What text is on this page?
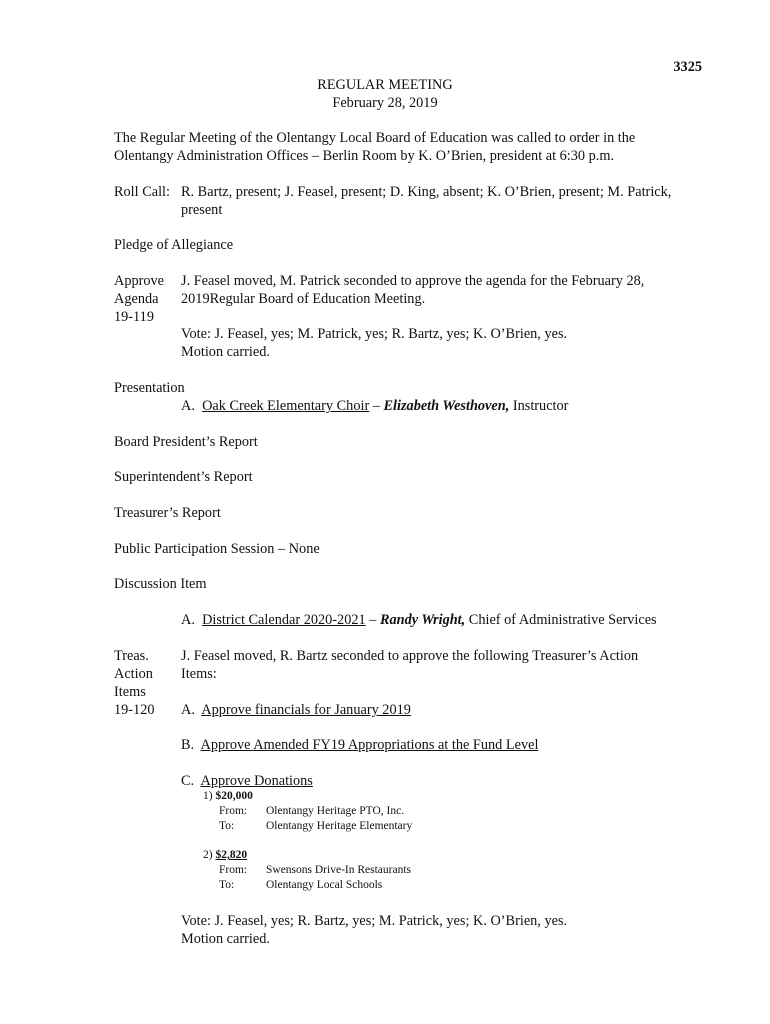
3325
REGULAR MEETING
February 28, 2019
The Regular Meeting of the Olentangy Local Board of Education was called to order in the
Olentangy Administration Offices – Berlin Room by K. O’Brien, president at 6:30 p.m.
Roll Call: R. Bartz, present; J. Feasel, present; D. King, absent; K. O’Brien, present; M. Patrick,
present
Pledge of Allegiance
Approve
Agenda
19-119
J. Feasel moved, M. Patrick seconded to approve the agenda for the February 28,
2019Regular Board of Education Meeting.
Vote: J. Feasel, yes; M. Patrick, yes; R. Bartz, yes; K. O’Brien, yes.
Motion carried.
Presentation
A. Oak Creek Elementary Choir – Elizabeth Westhoven, Instructor
Board President’s Report
Superintendent’s Report
Treasurer’s Report
Public Participation Session – None
Discussion Item
A. District Calendar 2020-2021 – Randy Wright, Chief of Administrative Services
Treas.
Action
Items
19-120
J. Feasel moved, R. Bartz seconded to approve the following Treasurer’s Action
Items:
A. Approve financials for January 2019
B. Approve Amended FY19 Appropriations at the Fund Level
C. Approve Donations
1) $20,000
From: Olentangy Heritage PTO, Inc.
To:	Olentangy Heritage Elementary
2) $2,820
From: Swensons Drive-In Restaurants
To:	Olentangy Local Schools
Vote: J. Feasel, yes; R. Bartz, yes; M. Patrick, yes; K. O’Brien, yes.
Motion carried.
